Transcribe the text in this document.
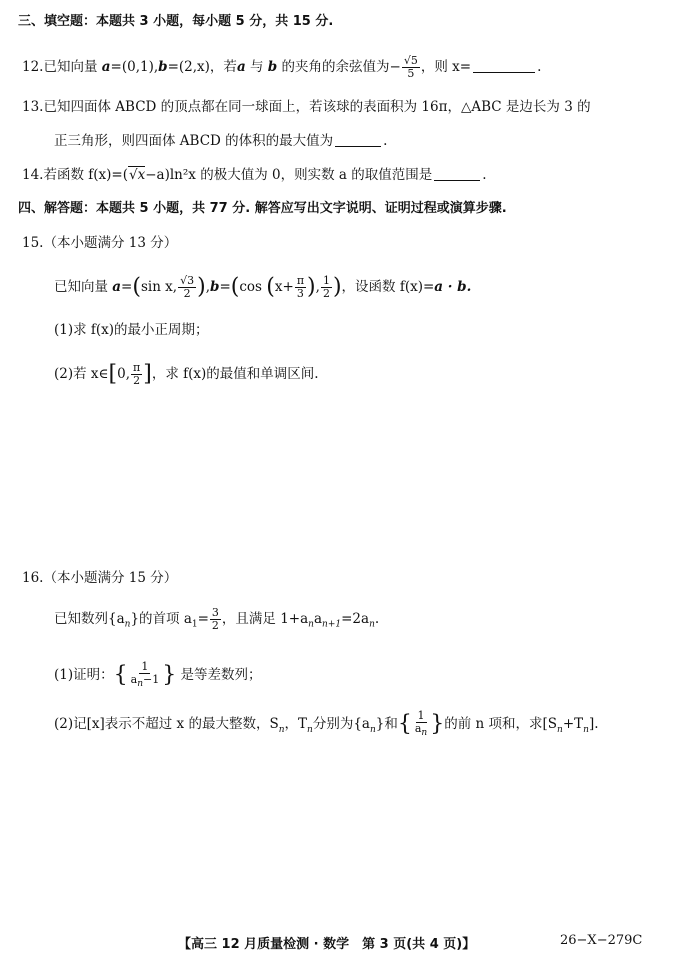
三、填空题：本题共 3 小题，每小题 5 分，共 15 分.
12.已知向量 a=(0,1),b=(2,x)，若a 与 b 的夹角的余弦值为− $\frac{√5}{5}$ ，则 x=	.
13.已知四面体 ABCD 的顶点都在同一球面上，若该球的表面积为 16π，△ABC 是边长为 3 的
正三角形，则四面体 ABCD 的体积的最大值为	.
14.若函数 f(x)=(√x−a)ln²x 的极大值为 0，则实数 a 的取值范围是	.
四、解答题：本题共 5 小题，共 77 分. 解答应写出文字说明、证明过程或演算步骤.
15.（本小题满分 13 分）
已知向量 a=(sin x, $\frac{√3}{2} ),b=(\cos$ ($x+ \frac{\pi}{3}$ ), $\frac{1}{2}$ )，设函数 f(x)=a · b.
(1)求 f(x)的最小正周期；
(2)若 x∈[0, $\frac{\pi}{2}$ ]，求 f(x)的最值和单调区间.
16.（本小题满分 15 分）
已知数列$\{a_n\}$的首项 $a_1= \frac{3}{2}$ ，且满足 $1+a_na_{n+1}=2a_n$.
(1)证明：{ $\frac{1}{a_n-1}$ } 是等差数列；
(2)记[x]表示不超过 x 的最大整数，$S_n$，$T_n$分别为$\{a_n\}$和{ $\frac{1}{a_n}$ }的前 n 项和，求$[S_n+T_n]$.
【高三 12 月质量检测 · 数学　第 3 页(共 4 页)】	26−X−279C
